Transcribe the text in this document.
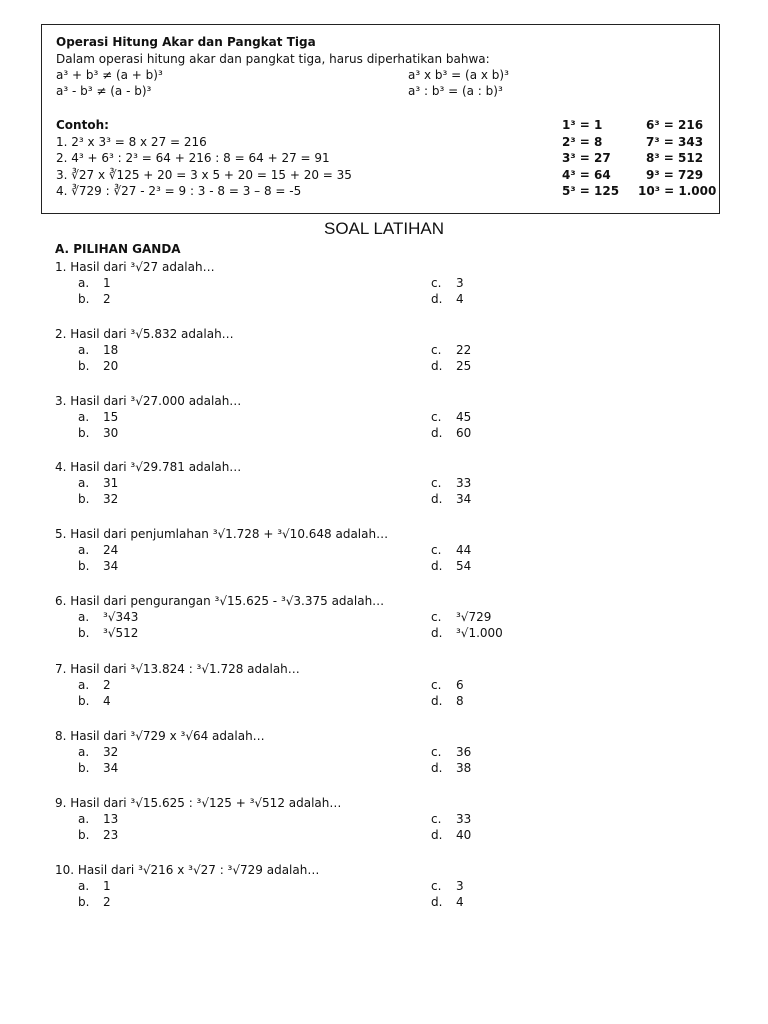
Operasi Hitung Akar dan Pangkat Tiga
Dalam operasi hitung akar dan pangkat tiga, harus diperhatikan bahwa:
a³ + b³ ≠ (a + b)³
a³ - b³ ≠ (a - b)³
a³ x b³ = (a x b)³
a³ : b³ = (a : b)³
Contoh:
1. 2³ x 3³ = 8 x 27 = 216
2. 4³ + 6³ : 2³ = 64 + 216 : 8 = 64 + 27 = 91
3. ∛27 x ∛125 + 20 = 3 x 5 + 20 = 15 + 20 = 35
4. ∛729 : ∛27 - 2³ = 9 : 3 - 8 = 3 – 8 = -5
1³ = 1
2³ = 8
3³ = 27
4³ = 64
5³ = 125
6³ = 216
7³ = 343
8³ = 512
9³ = 729
10³ = 1.000
SOAL LATIHAN
A. PILIHAN GANDA
1. Hasil dari ³√27 adalah…
a. 1
b. 2
c. 3
d. 4
2. Hasil dari ³√5.832 adalah…
a. 18
b. 20
c. 22
d. 25
3. Hasil dari ³√27.000 adalah…
a. 15
b. 30
c. 45
d. 60
4. Hasil dari ³√29.781 adalah…
a. 31
b. 32
c. 33
d. 34
5. Hasil dari penjumlahan ³√1.728 + ³√10.648 adalah…
a. 24
b. 34
c. 44
d. 54
6. Hasil dari pengurangan ³√15.625 - ³√3.375 adalah…
a. ³√343
b. ³√512
c. ³√729
d. ³√1.000
7. Hasil dari ³√13.824 : ³√1.728 adalah…
a. 2
b. 4
c. 6
d. 8
8. Hasil dari ³√729 x ³√64 adalah…
a. 32
b. 34
c. 36
d. 38
9. Hasil dari ³√15.625 : ³√125 + ³√512 adalah…
a. 13
b. 23
c. 33
d. 40
10. Hasil dari ³√216 x ³√27 : ³√729 adalah…
a. 1
b. 2
c. 3
d. 4
